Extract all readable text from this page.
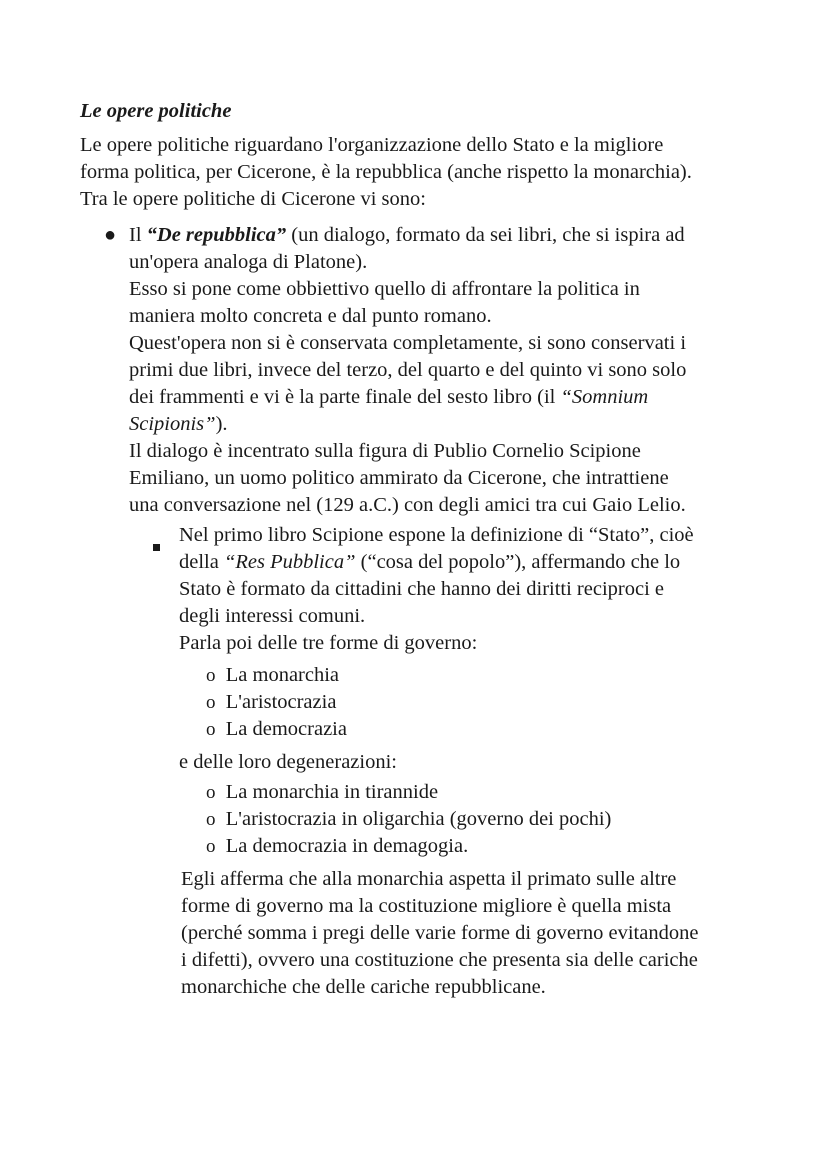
Le opere politiche
Le opere politiche riguardano l'organizzazione dello Stato e la migliore
forma politica, per Cicerone, è la repubblica (anche rispetto la monarchia).
Tra le opere politiche di Cicerone vi sono:
● Il “De repubblica” (un dialogo, formato da sei libri, che si ispira ad
un'opera analoga di Platone).
Esso si pone come obbiettivo quello di affrontare la politica in
maniera molto concreta e dal punto romano.
Quest'opera non si è conservata completamente, si sono conservati i
primi due libri, invece del terzo, del quarto e del quinto vi sono solo
dei frammenti e vi è la parte finale del sesto libro (il “Somnium
Scipionis”).
Il dialogo è incentrato sulla figura di Publio Cornelio Scipione
Emiliano, un uomo politico ammirato da Cicerone, che intrattiene
una conversazione nel (129 a.C.) con degli amici tra cui Gaio Lelio.
Nel primo libro Scipione espone la definizione di “Stato”, cioè
della “Res Pubblica” (“cosa del popolo”), affermando che lo
Stato è formato da cittadini che hanno dei diritti reciproci e
degli interessi comuni.
Parla poi delle tre forme di governo:
o La monarchia
o L'aristocrazia
o La democrazia
e delle loro degenerazioni:
o La monarchia in tirannide
o L'aristocrazia in oligarchia (governo dei pochi)
o La democrazia in demagogia.
Egli afferma che alla monarchia aspetta il primato sulle altre
forme di governo ma la costituzione migliore è quella mista
(perché somma i pregi delle varie forme di governo evitandone
i difetti), ovvero una costituzione che presenta sia delle cariche
monarchiche che delle cariche repubblicane.
